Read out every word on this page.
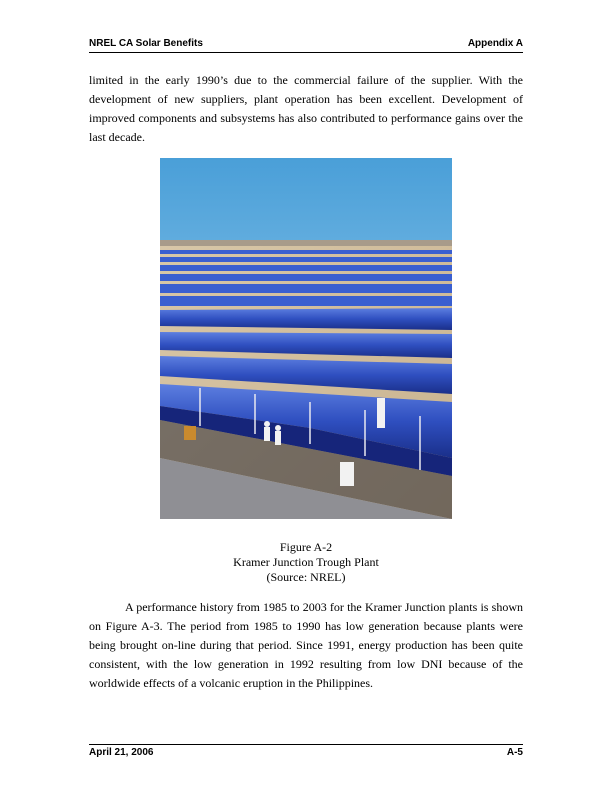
NREL CA Solar Benefits	Appendix A

limited in the early 1990’s due to the commercial failure of the supplier. With the development of new suppliers, plant operation has been excellent. Development of improved components and subsystems has also contributed to performance gains over the last decade.

Figure A-2
Kramer Junction Trough Plant
(Source: NREL)

A performance history from 1985 to 2003 for the Kramer Junction plants is shown on Figure A-3. The period from 1985 to 1990 has low generation because plants were being brought on-line during that period. Since 1991, energy production has been quite consistent, with the low generation in 1992 resulting from low DNI because of the worldwide effects of a volcanic eruption in the Philippines.

April 21, 2006	A-5
